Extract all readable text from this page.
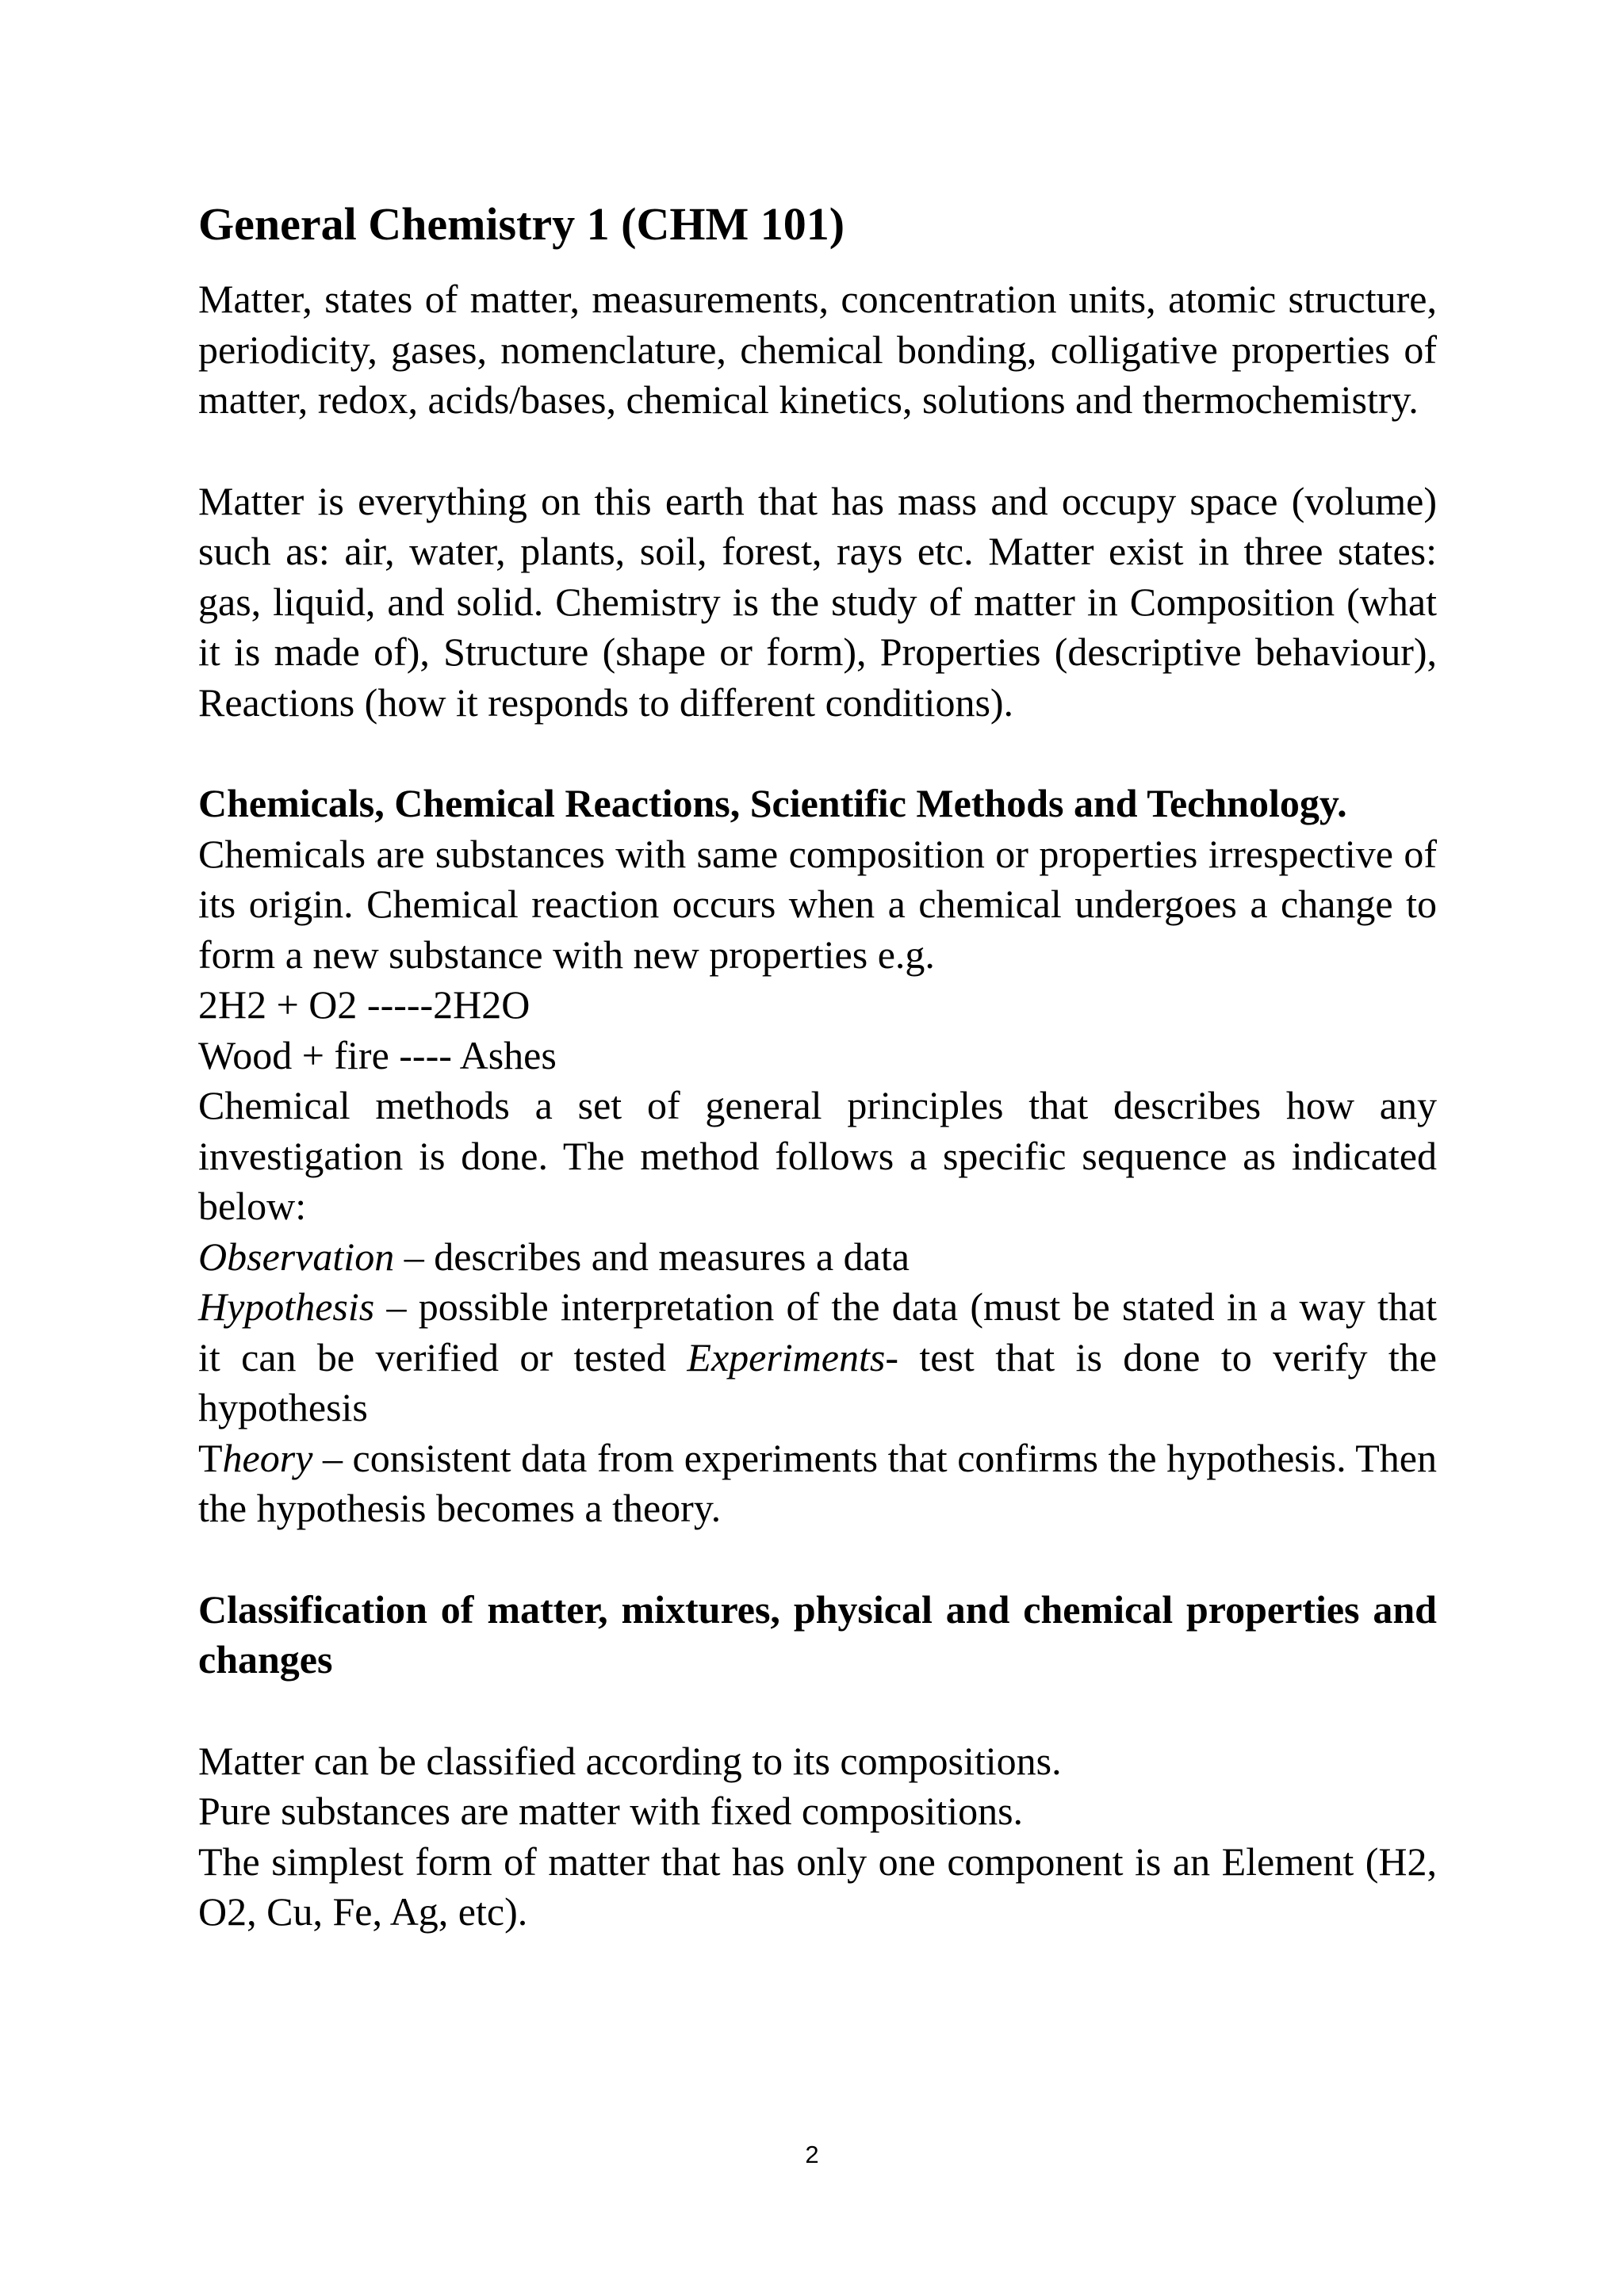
General Chemistry 1 (CHM 101)

Matter, states of matter, measurements, concentration units, atomic structure, periodicity, gases, nomenclature, chemical bonding, colligative properties of matter, redox, acids/bases, chemical kinetics, solutions and thermochemistry.

Matter is everything on this earth that has mass and occupy space (volume) such as: air, water, plants, soil, forest, rays etc. Matter exist in three states: gas, liquid, and solid. Chemistry is the study of matter in Composition (what it is made of), Structure (shape or form), Properties (descriptive behaviour), Reactions (how it responds to different conditions).

Chemicals, Chemical Reactions, Scientific Methods and Technology.

Chemicals are substances with same composition or properties irrespective of its origin. Chemical reaction occurs when a chemical undergoes a change to form a new substance with new properties e.g.

2H2 + O2 -----2H2O

Wood + fire ---- Ashes

Chemical methods a set of general principles that describes how any investigation is done. The method follows a specific sequence as indicated below:

Observation – describes and measures a data

Hypothesis – possible interpretation of the data (must be stated in a way that it can be verified or tested Experiments- test that is done to verify the hypothesis

Theory – consistent data from experiments that confirms the hypothesis. Then the hypothesis becomes a theory.

Classification of matter, mixtures, physical and chemical properties and changes

Matter can be classified according to its compositions.

Pure substances are matter with fixed compositions.

The simplest form of matter that has only one component is an Element (H2, O2, Cu, Fe, Ag, etc).

2
